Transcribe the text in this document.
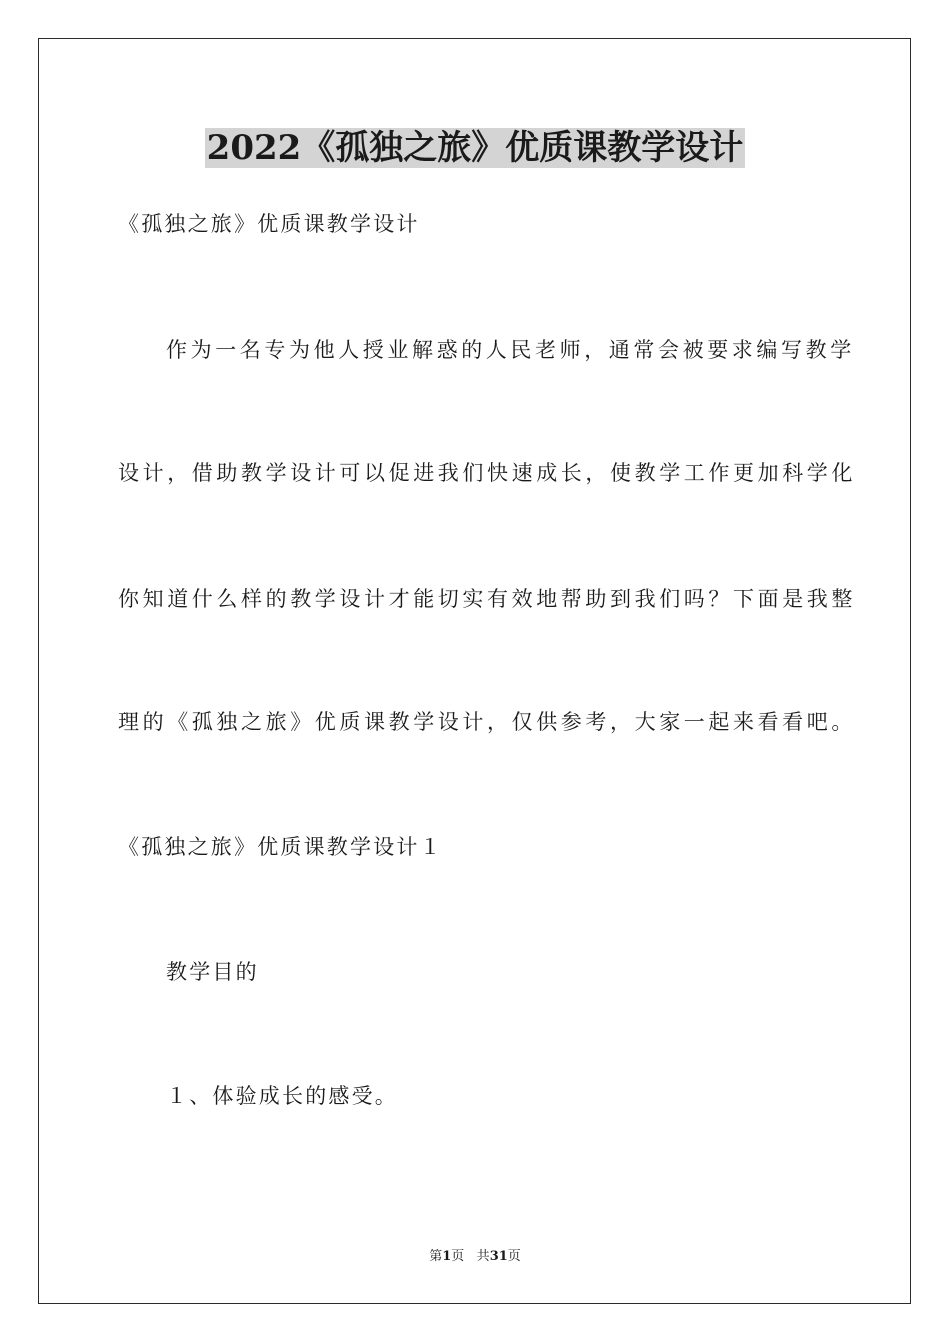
2022《孤独之旅》优质课教学设计

《孤独之旅》优质课教学设计

作为一名专为他人授业解惑的人民老师，通常会被要求编写教学

设计，借助教学设计可以促进我们快速成长，使教学工作更加科学化

你知道什么样的教学设计才能切实有效地帮助到我们吗？下面是我整

理的《孤独之旅》优质课教学设计，仅供参考，大家一起来看看吧。

《孤独之旅》优质课教学设计１

教学目的

１、体验成长的感受。

第1页 共31页
